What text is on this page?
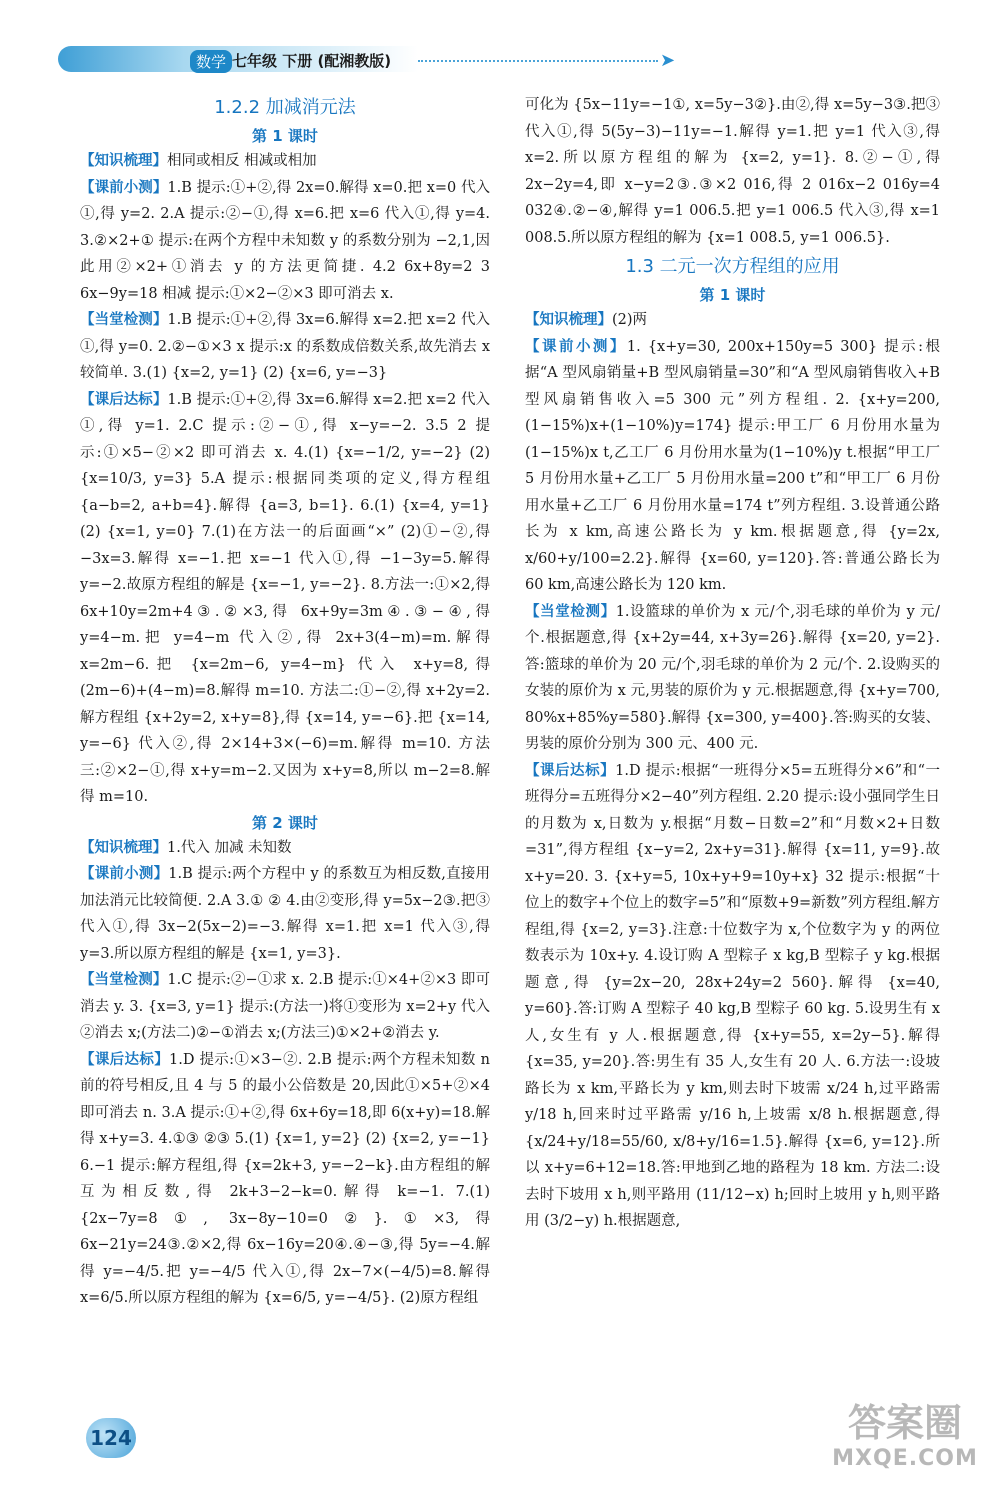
数学 七年级 下册 (配湘教版)	➤
1.2.2 加减消元法
第 1 课时

【知识梳理】相同或相反 相减或相加

【课前小测】1.B 提示:①+②,得 2x=0.解得 x=0.把 x=0 代入①,得 y=2. 2.A 提示:②−①,得 x=6.把 x=6 代入①,得 y=4. 3.②×2+① 提示:在两个方程中未知数 y 的系数分别为 −2,1,因此用②×2+①消去 y 的方法更简捷. 4.2 6x+8y=2 3 6x−9y=18 相减 提示:①×2−②×3 即可消去 x.

【当堂检测】1.B 提示:①+②,得 3x=6.解得 x=2.把 x=2 代入①,得 y=0. 2.②−①×3 x 提示:x 的系数成倍数关系,故先消去 x 较简单. 3.(1) {x=2, y=1} (2) {x=6, y=−3}

【课后达标】1.B 提示:①+②,得 3x=6.解得 x=2.把 x=2 代入①,得 y=1. 2.C 提示:②−①,得 x−y=−2. 3.5 2 提示:①×5−②×2 即可消去 x. 4.(1) {x=−1/2, y=−2} (2) {x=10/3, y=3} 5.A 提示:根据同类项的定义,得方程组 {a−b=2, a+b=4}.解得 {a=3, b=1}. 6.(1) {x=4, y=1} (2) {x=1, y=0} 7.(1)在方法一的后面画“×” (2)①−②,得 −3x=3.解得 x=−1.把 x=−1 代入①,得 −1−3y=5.解得 y=−2.故原方程组的解是 {x=−1, y=−2}. 8.方法一:①×2,得 6x+10y=2m+4③.②×3,得 6x+9y=3m④.③−④,得 y=4−m.把 y=4−m 代入②,得 2x+3(4−m)=m.解得 x=2m−6.把 {x=2m−6, y=4−m} 代入 x+y=8,得(2m−6)+(4−m)=8.解得 m=10. 方法二:①−②,得 x+2y=2.解方程组 {x+2y=2, x+y=8},得 {x=14, y=−6}.把 {x=14, y=−6} 代入②,得 2×14+3×(−6)=m.解得 m=10. 方法三:②×2−①,得 x+y=m−2.又因为 x+y=8,所以 m−2=8.解得 m=10.

第 2 课时

【知识梳理】1.代入 加减 未知数

【课前小测】1.B 提示:两个方程中 y 的系数互为相反数,直接用加法消元比较简便. 2.A 3.① ② 4.由②变形,得 y=5x−2③.把③代入①,得 3x−2(5x−2)=−3.解得 x=1.把 x=1 代入③,得 y=3.所以原方程组的解是 {x=1, y=3}.

【当堂检测】1.C 提示:②−①求 x. 2.B 提示:①×4+②×3 即可消去 y. 3. {x=3, y=1} 提示:(方法一)将①变形为 x=2+y 代入②消去 x;(方法二)②−①消去 x;(方法三)①×2+②消去 y.

【课后达标】1.D 提示:①×3−②. 2.B 提示:两个方程未知数 n 前的符号相反,且 4 与 5 的最小公倍数是 20,因此①×5+②×4 即可消去 n. 3.A 提示:①+②,得 6x+6y=18,即 6(x+y)=18.解得 x+y=3. 4.①③ ②③ 5.(1) {x=1, y=2} (2) {x=2, y=−1} 6.−1 提示:解方程组,得 {x=2k+3, y=−2−k}.由方程组的解互为相反数,得 2k+3−2−k=0.解得 k=−1. 7.(1) {2x−7y=8①, 3x−8y−10=0②}.①×3,得 6x−21y=24③.②×2,得 6x−16y=20④.④−③,得 5y=−4.解得 y=−4/5.把 y=−4/5 代入①,得 2x−7×(−4/5)=8.解得 x=6/5.所以原方程组的解为 {x=6/5, y=−4/5}. (2)原方程组

可化为 {5x−11y=−1①, x=5y−3②}.由②,得 x=5y−3③.把③代入①,得 5(5y−3)−11y=−1.解得 y=1.把 y=1 代入③,得 x=2.所以原方程组的解为 {x=2, y=1}. 8.②−①,得 2x−2y=4,即 x−y=2③.③×2 016,得 2 016x−2 016y=4 032④.②−④,解得 y=1 006.5.把 y=1 006.5 代入③,得 x=1 008.5.所以原方程组的解为 {x=1 008.5, y=1 006.5}.

1.3 二元一次方程组的应用
第 1 课时

【知识梳理】(2)两

【课前小测】1. {x+y=30, 200x+150y=5 300} 提示:根据“A 型风扇销量+B 型风扇销量=30”和“A 型风扇销售收入+B 型风扇销售收入=5 300 元”列方程组. 2. {x+y=200, (1−15%)x+(1−10%)y=174} 提示:甲工厂 6 月份用水量为(1−15%)x t,乙工厂 6 月份用水量为(1−10%)y t.根据“甲工厂 5 月份用水量+乙工厂 5 月份用水量=200 t”和“甲工厂 6 月份用水量+乙工厂 6 月份用水量=174 t”列方程组. 3.设普通公路长为 x km,高速公路长为 y km.根据题意,得 {y=2x, x/60+y/100=2.2}.解得 {x=60, y=120}.答:普通公路长为 60 km,高速公路长为 120 km.

【当堂检测】1.设篮球的单价为 x 元/个,羽毛球的单价为 y 元/个.根据题意,得 {x+2y=44, x+3y=26}.解得 {x=20, y=2}.答:篮球的单价为 20 元/个,羽毛球的单价为 2 元/个. 2.设购买的女装的原价为 x 元,男装的原价为 y 元.根据题意,得 {x+y=700, 80%x+85%y=580}.解得 {x=300, y=400}.答:购买的女装、男装的原价分别为 300 元、400 元.

【课后达标】1.D 提示:根据“一班得分×5=五班得分×6”和“一班得分=五班得分×2−40”列方程组. 2.20 提示:设小强同学生日的月数为 x,日数为 y.根据“月数−日数=2”和“月数×2+日数=31”,得方程组 {x−y=2, 2x+y=31}.解得 {x=11, y=9}.故 x+y=20. 3. {x+y=5, 10x+y+9=10y+x} 32 提示:根据“十位上的数字+个位上的数字=5”和“原数+9=新数”列方程组.解方程组,得 {x=2, y=3}.注意:十位数字为 x,个位数字为 y 的两位数表示为 10x+y. 4.设订购 A 型粽子 x kg,B 型粽子 y kg.根据题意,得 {y=2x−20, 28x+24y=2 560}.解得 {x=40, y=60}.答:订购 A 型粽子 40 kg,B 型粽子 60 kg. 5.设男生有 x 人,女生有 y 人.根据题意,得 {x+y=55, x=2y−5}.解得 {x=35, y=20}.答:男生有 35 人,女生有 20 人. 6.方法一:设坡路长为 x km,平路长为 y km,则去时下坡需 x/24 h,过平路需 y/18 h,回来时过平路需 y/16 h,上坡需 x/8 h.根据题意,得 {x/24+y/18=55/60, x/8+y/16=1.5}.解得 {x=6, y=12}.所以 x+y=6+12=18.答:甲地到乙地的路程为 18 km. 方法二:设去时下坡用 x h,则平路用 (11/12−x) h;回时上坡用 y h,则平路用 (3/2−y) h.根据题意,

124	答案圈
MXQE.COM
